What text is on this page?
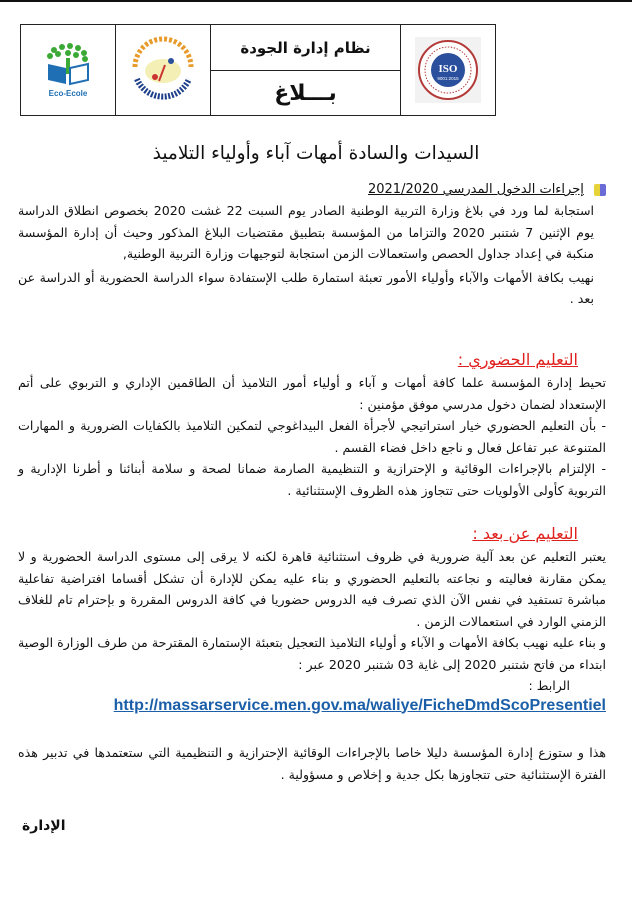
Eco-Ecole
نظام إدارة الجودة
بـــلاغ
ISO
9001:2015
السيدات والسادة أمهات آباء وأولياء التلاميذ
إجراءات الدخول المدرسي 2021/2020

استجابة لما ورد في بلاغ وزارة التربية الوطنية الصادر يوم السبت 22 غشت 2020 بخصوص انطلاق الدراسة يوم الإثنين 7 شتنبر 2020 والتزاما من المؤسسة بتطبيق مقتضيات البلاغ المذكور وحيث أن إدارة المؤسسة منكبة في إعداد جداول الحصص واستعمالات الزمن استجابة لتوجيهات وزارة التربية الوطنية,

نهيب بكافة الأمهات والآباء وأولياء الأمور تعبئة استمارة طلب الإستفادة سواء الدراسة الحضورية أو الدراسة عن بعد .

التعليم الحضوري :

تحيط إدارة المؤسسة علما كافة أمهات و آباء و أولياء أمور التلاميذ أن الطاقمين الإداري و التربوي على أتم الإستعداد لضمان دخول مدرسي موفق مؤمنين :

- بأن التعليم الحضوري خيار استراتيجي لأجرأة الفعل البيداغوجي لتمكين التلاميذ بالكفايات الضرورية و المهارات المتنوعة عبر تفاعل فعال و ناجع داخل فضاء القسم .

- الإلتزام بالإجراءات الوقائية و الإحترازية و التنظيمية الصارمة ضمانا لصحة و سلامة أبنائنا و أطرنا الإدارية و التربوية كأولى الأولويات حتى تتجاوز هذه الظروف الإستثنائية .

التعليم عن بعد :

يعتبر التعليم عن بعد آلية ضرورية في ظروف استثنائية قاهرة لكنه لا يرقى إلى مستوى الدراسة الحضورية و لا يمكن مقارنة فعاليته و نجاعته بالتعليم الحضوري و بناء عليه يمكن للإدارة أن تشكل أقساما افتراضية تفاعلية مباشرة تستفيد في نفس الآن الذي تصرف فيه الدروس حضوريا في كافة الدروس المقررة و بإحترام تام للغلاف الزمني الوارد في استعمالات الزمن .

و بناء عليه نهيب بكافة الأمهات و الآباء و أولياء التلاميذ التعجيل بتعبئة الإستمارة المقترحة من طرف الوزارة الوصية ابتداء من فاتح شتنبر 2020 إلى غاية 03 شتنبر 2020 عبر :

الرابط :

http://massarservice.men.gov.ma/waliye/FicheDmdScoPresentiel

هذا و ستوزع إدارة المؤسسة دليلا خاصا بالإجراءات الوقائية الإحترازية و التنظيمية التي ستعتمدها في تدبير هذه الفترة الإستثنائية حتى تتجاوزها بكل جدية و إخلاص و مسؤولية .

الإدارة
